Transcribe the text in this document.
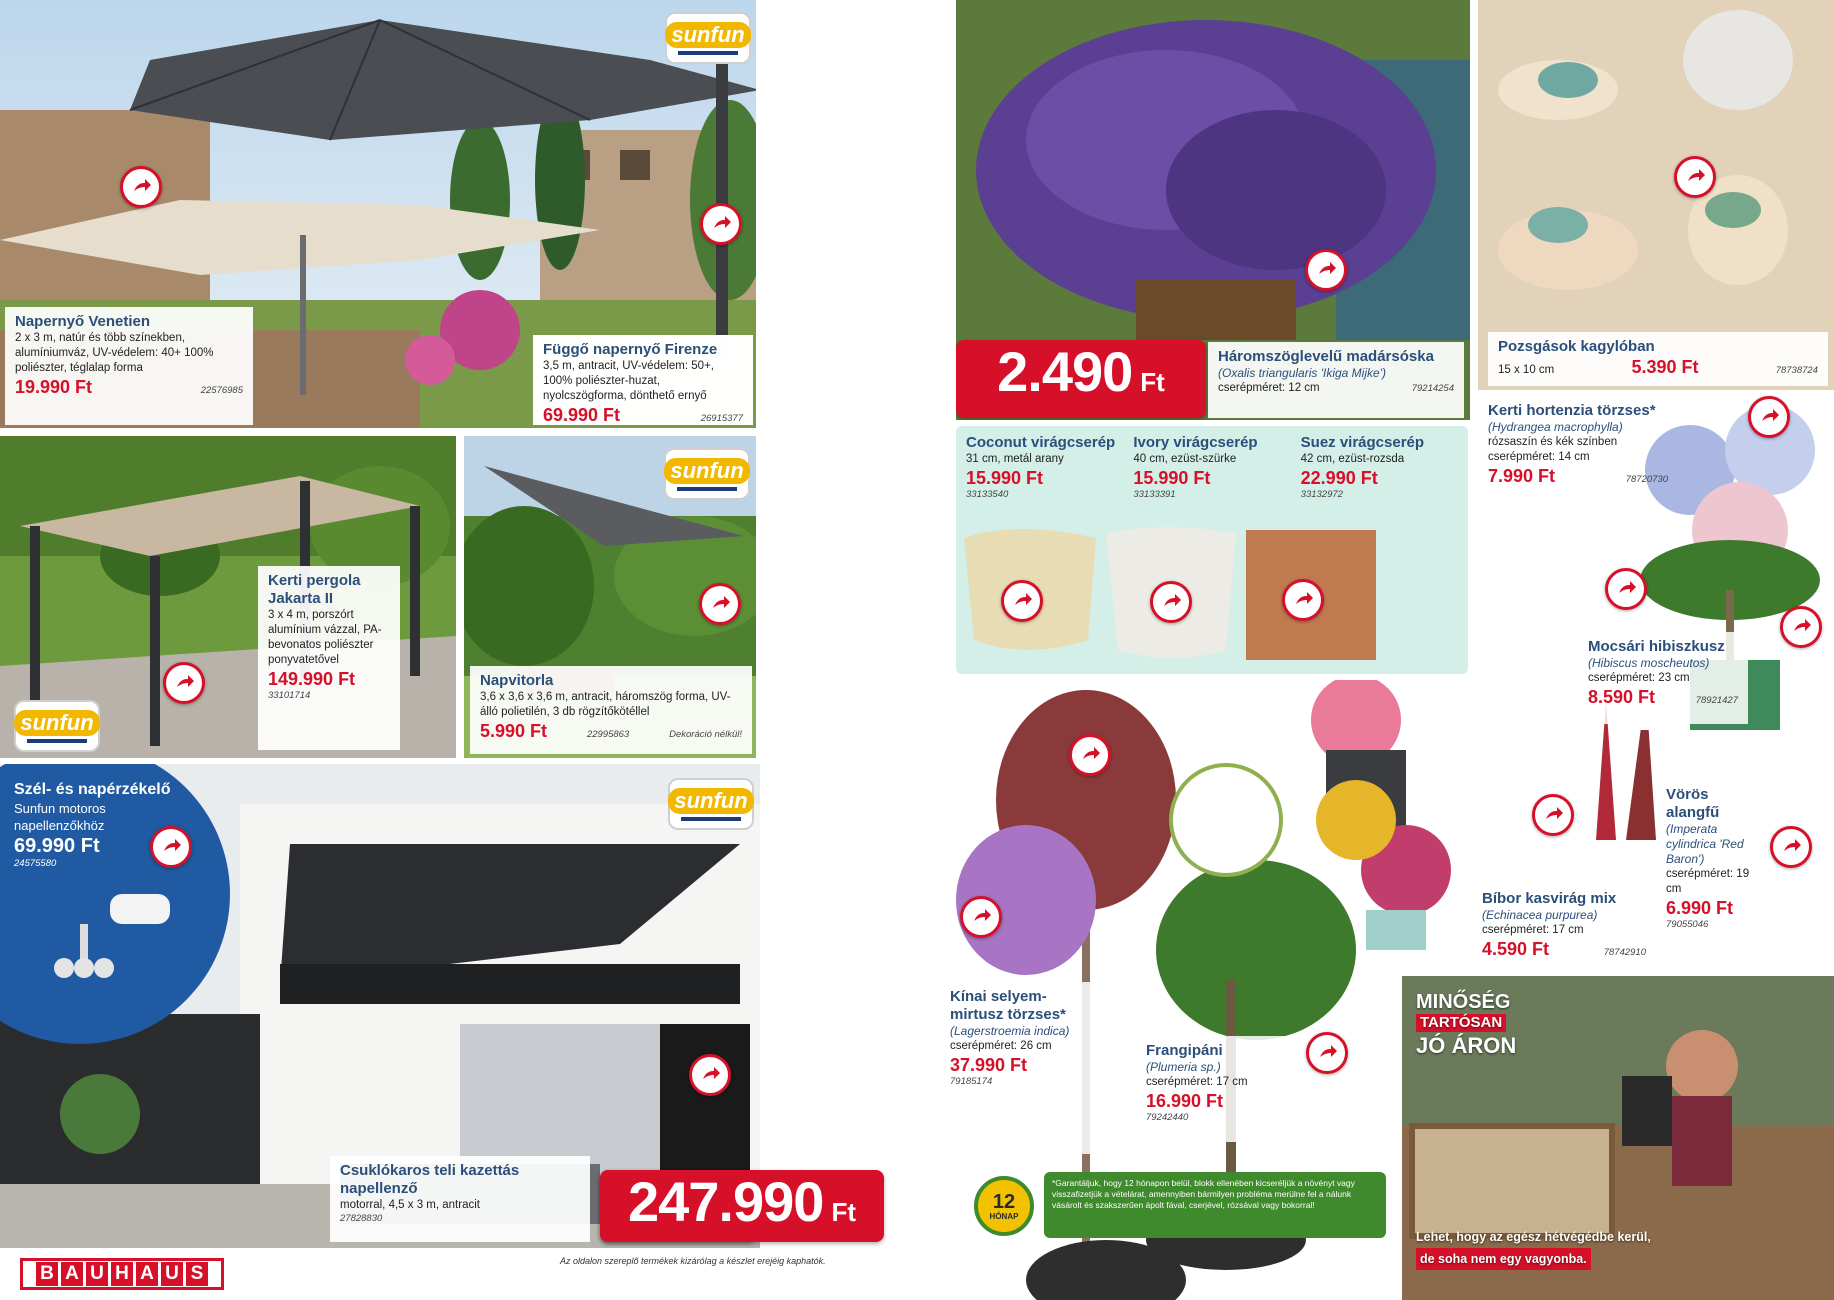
sunfun
Napernyő Venetien
2 x 3 m, natúr és több színekben, alumíniumváz, UV-védelem: 40+ 100% poliészter, téglalap forma
19.990 Ft	22576985
Függő napernyő Firenze
3,5 m, antracit, UV-védelem: 50+, 100% poliészter-huzat, nyolcszögforma, dönthető ernyő
69.990 Ft	26915377
sunfun
Kerti pergola Jakarta II
3 x 4 m, porszórt alumínium vázzal, PA-bevonatos poliészter ponyvatetővel
149.990 Ft
33101714
sunfun
Napvitorla
3,6 x 3,6 x 3,6 m, antracit, háromszög forma, UV-álló polietilén, 3 db rögzítőkötéllel
5.990 Ft	22995863	Dekoráció nélkül!
sunfun
Szél- és napérzékelő
Sunfun motoros napellenzőkhöz
69.990 Ft
24575580
Csuklókaros teli kazettás napellenző
motorral, 4,5 x 3 m, antracit
27828830	247.990 Ft
B A U H A U S
Az oldalon szereplő termékek kizárólag a készlet erejéig kaphatók.
2.490 Ft
Háromszöglevelű madársóska
(Oxalis triangularis 'Ikiga Mijke')
cserépméret: 12 cm	79214254
Pozsgások kagylóban
15 x 10 cm	5.390 Ft	78738724
Coconut virágcserép
31 cm, metál arany
15.990 Ft
33133540
Ivory virágcserép
40 cm, ezüst-szürke
15.990 Ft
33133391
Suez virágcserép
42 cm, ezüst-rozsda
22.990 Ft
33132972
Kerti hortenzia törzses*
(Hydrangea macrophylla)
rózsaszín és kék színben
cserépméret: 14 cm
7.990 Ft	78720730
Mocsári hibiszkusz
(Hibiscus moscheutos)
cserépméret: 23 cm
8.590 Ft	78921427
Vörös alangfű
(Imperata cylindrica 'Red Baron')
cserépméret: 19 cm
6.990 Ft
79055046
Bíbor kasvirág mix
(Echinacea purpurea)
cserépméret: 17 cm
4.590 Ft	78742910
Kínai selyem-mirtusz törzses*
(Lagerstroemia indica)
cserépméret: 26 cm
37.990 Ft
79185174
Frangipáni
(Plumeria sp.)
cserépméret: 17 cm
16.990 Ft
79242440
12
HÓNAP
*Garantáljuk, hogy 12 hónapon belül, blokk ellenében kicseréljük a növényt vagy visszafizetjük a vételárat, amennyiben bármilyen probléma merülne fel a nálunk vásárolt és szakszerűen ápolt fával, cserjével, rózsával vagy bokorral!
MINŐSÉG
TARTÓSAN
JÓ ÁRON
Lehet, hogy az egész hétvégédbe kerül,
de soha nem egy vagyonba.
